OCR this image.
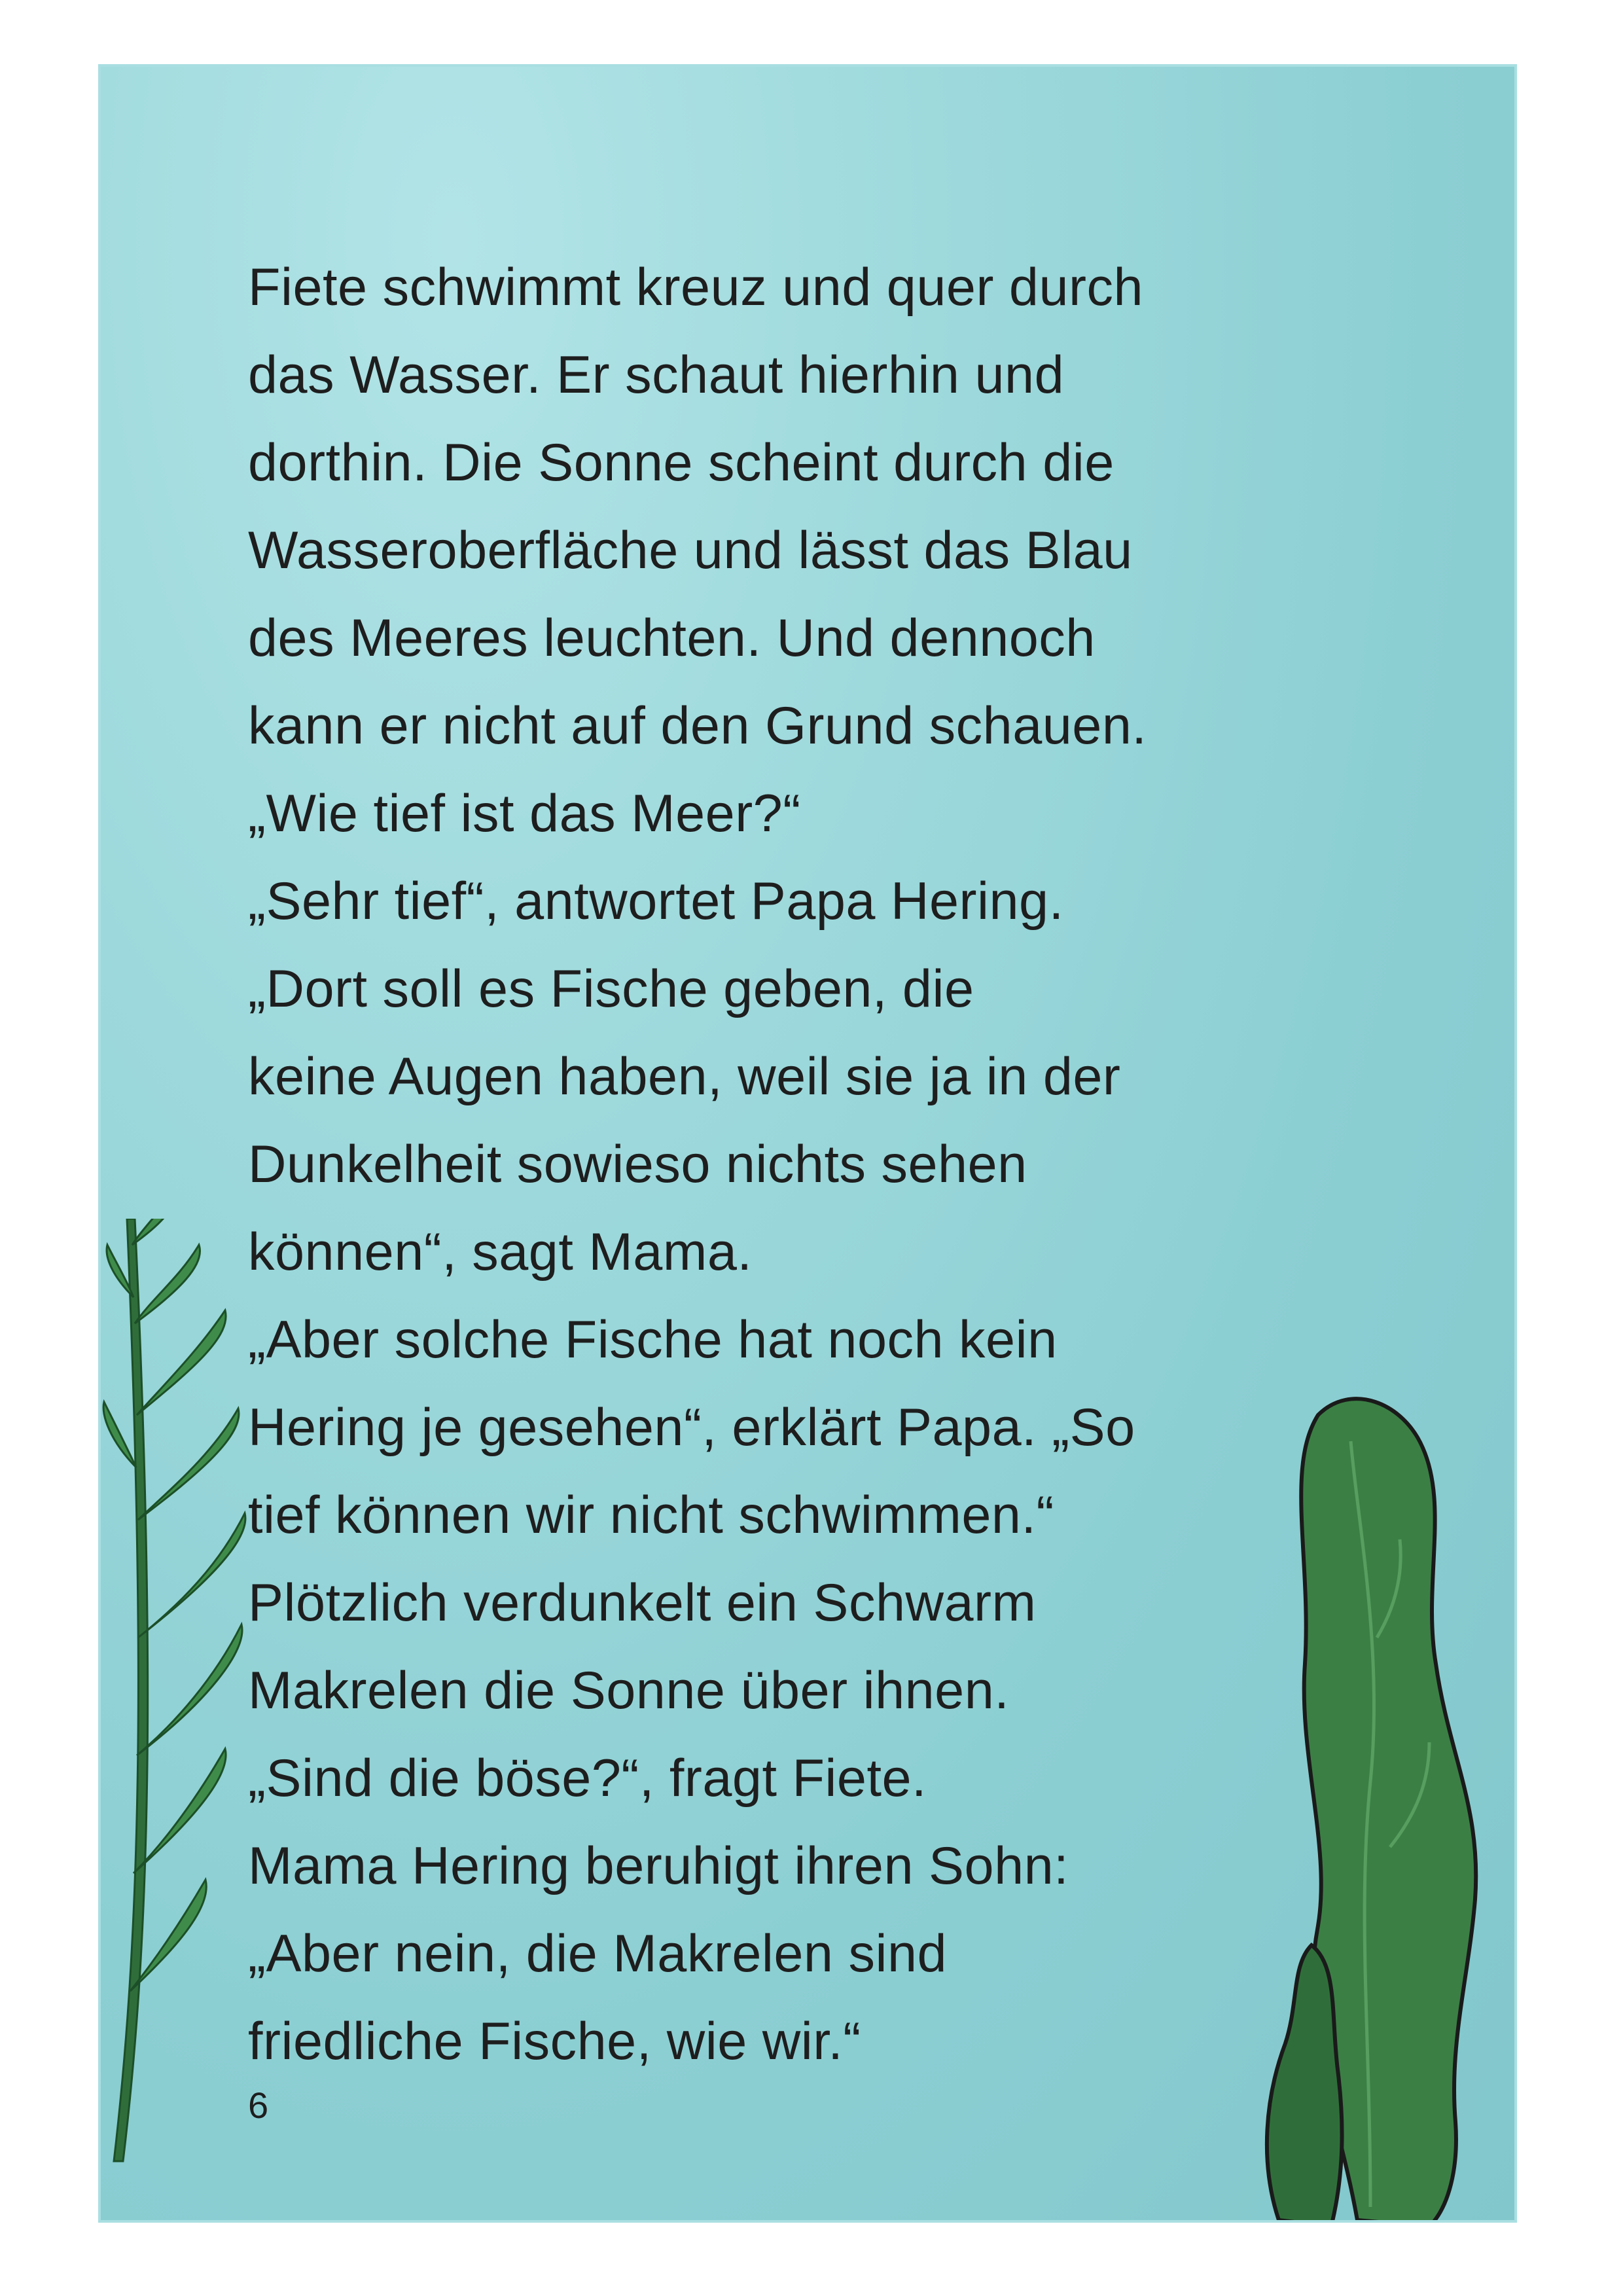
Fiete schwimmt kreuz und quer durch
das Wasser. Er schaut hierhin und
dorthin. Die Sonne scheint durch die
Wasseroberfläche und lässt das Blau
des Meeres leuchten. Und dennoch
kann er nicht auf den Grund schauen.
„Wie tief ist das Meer?“
„Sehr tief“, antwortet Papa Hering.
„Dort soll es Fische geben, die
keine Augen haben, weil sie ja in der
Dunkelheit sowieso nichts sehen
können“, sagt Mama.
„Aber solche Fische hat noch kein
Hering je gesehen“, erklärt Papa. „So
tief können wir nicht schwimmen.“
Plötzlich verdunkelt ein Schwarm
Makrelen die Sonne über ihnen.
„Sind die böse?“, fragt Fiete.
Mama Hering beruhigt ihren Sohn:
„Aber nein, die Makrelen sind
friedliche Fische, wie wir.“
6
